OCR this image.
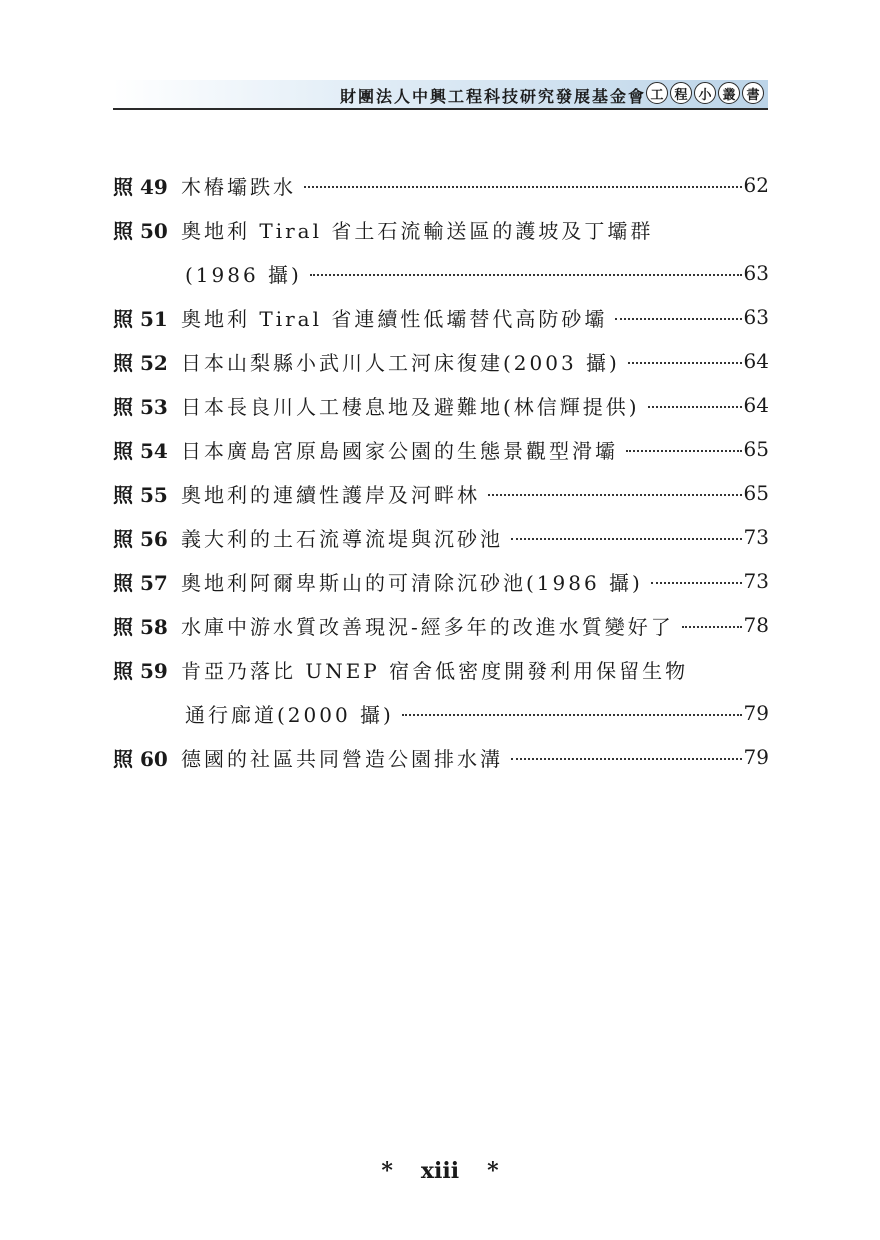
財團法人中興工程科技研究發展基金會 工 程 小 叢 書
照 49 木樁壩跌水	62
照 50 奧地利 Tiral 省土石流輸送區的護坡及丁壩群
(1986 攝)	63
照 51 奧地利 Tiral 省連續性低壩替代高防砂壩	63
照 52 日本山梨縣小武川人工河床復建(2003 攝)	64
照 53 日本長良川人工棲息地及避難地(林信輝提供)	64
照 54 日本廣島宮原島國家公園的生態景觀型滑壩	65
照 55 奧地利的連續性護岸及河畔林	65
照 56 義大利的土石流導流堤與沉砂池	73
照 57 奧地利阿爾卑斯山的可清除沉砂池(1986 攝)	73
照 58 水庫中游水質改善現況-經多年的改進水質變好了	78
照 59 肯亞乃落比 UNEP 宿舍低密度開發利用保留生物
通行廊道(2000 攝)	79
照 60 德國的社區共同營造公園排水溝	79
* xiii *
